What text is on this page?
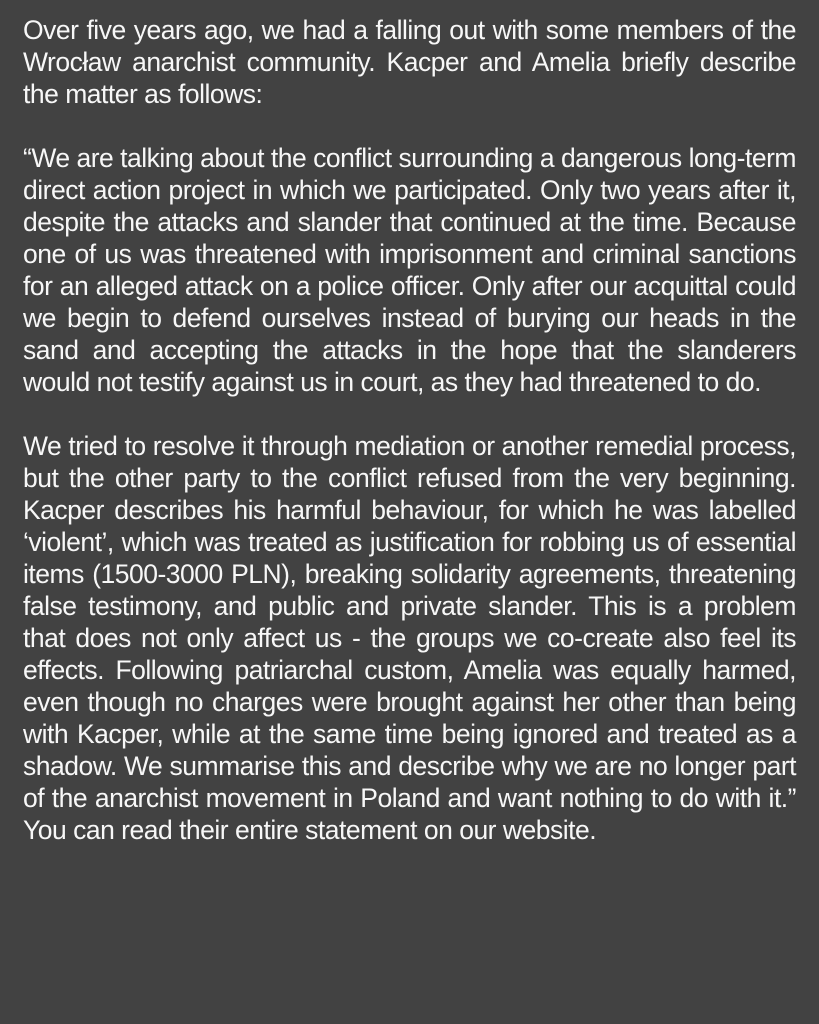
Over five years ago, we had a falling out with some members of the Wrocław anarchist community. Kacper and Amelia briefly describe the matter as follows:

“We are talking about the conflict surrounding a dangerous long-term direct action project in which we participated. Only two years after it, despite the attacks and slander that continued at the time. Because one of us was threatened with imprisonment and criminal sanctions for an alleged attack on a police officer. Only after our acquittal could we begin to defend ourselves instead of burying our heads in the sand and accepting the attacks in the hope that the slanderers would not testify against us in court, as they had threatened to do.

We tried to resolve it through mediation or another remedial process, but the other party to the conflict refused from the very beginning. Kacper describes his harmful behaviour, for which he was labelled ‘violent’, which was treated as justification for robbing us of essential items (1500-3000 PLN), breaking solidarity agreements, threatening false testimony, and public and private slander. This is a problem that does not only affect us - the groups we co-create also feel its effects. Following patriarchal custom, Amelia was equally harmed, even though no charges were brought against her other than being with Kacper, while at the same time being ignored and treated as a shadow. We summarise this and describe why we are no longer part of the anarchist movement in Poland and want nothing to do with it.” You can read their entire statement on our website.
